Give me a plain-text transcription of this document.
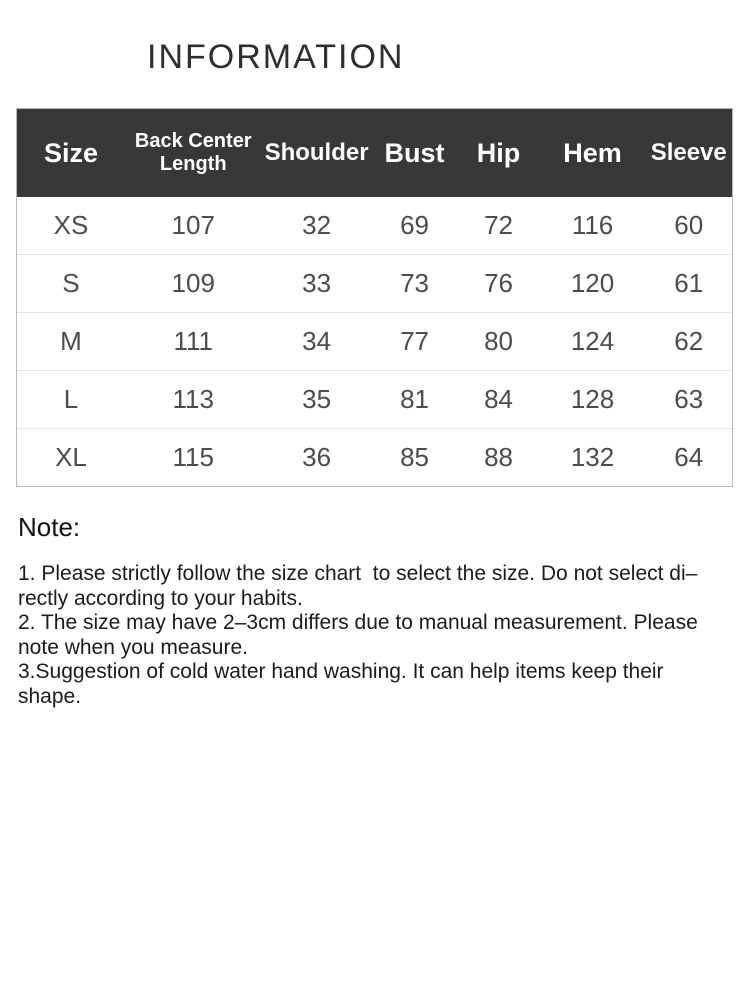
INFORMATION
Size	Back Center Length	Shoulder	Bust	Hip	Hem	Sleeve
XS	107	32	69	72	116	60
S	109	33	73	76	120	61
M	111	34	77	80	124	62
L	113	35	81	84	128	63
XL	115	36	85	88	132	64
Note:
1. Please strictly follow the size chart  to select the size. Do not select di–
rectly according to your habits.
2. The size may have 2–3cm differs due to manual measurement. Please
note when you measure.
3.Suggestion of cold water hand washing. It can help items keep their
shape.
